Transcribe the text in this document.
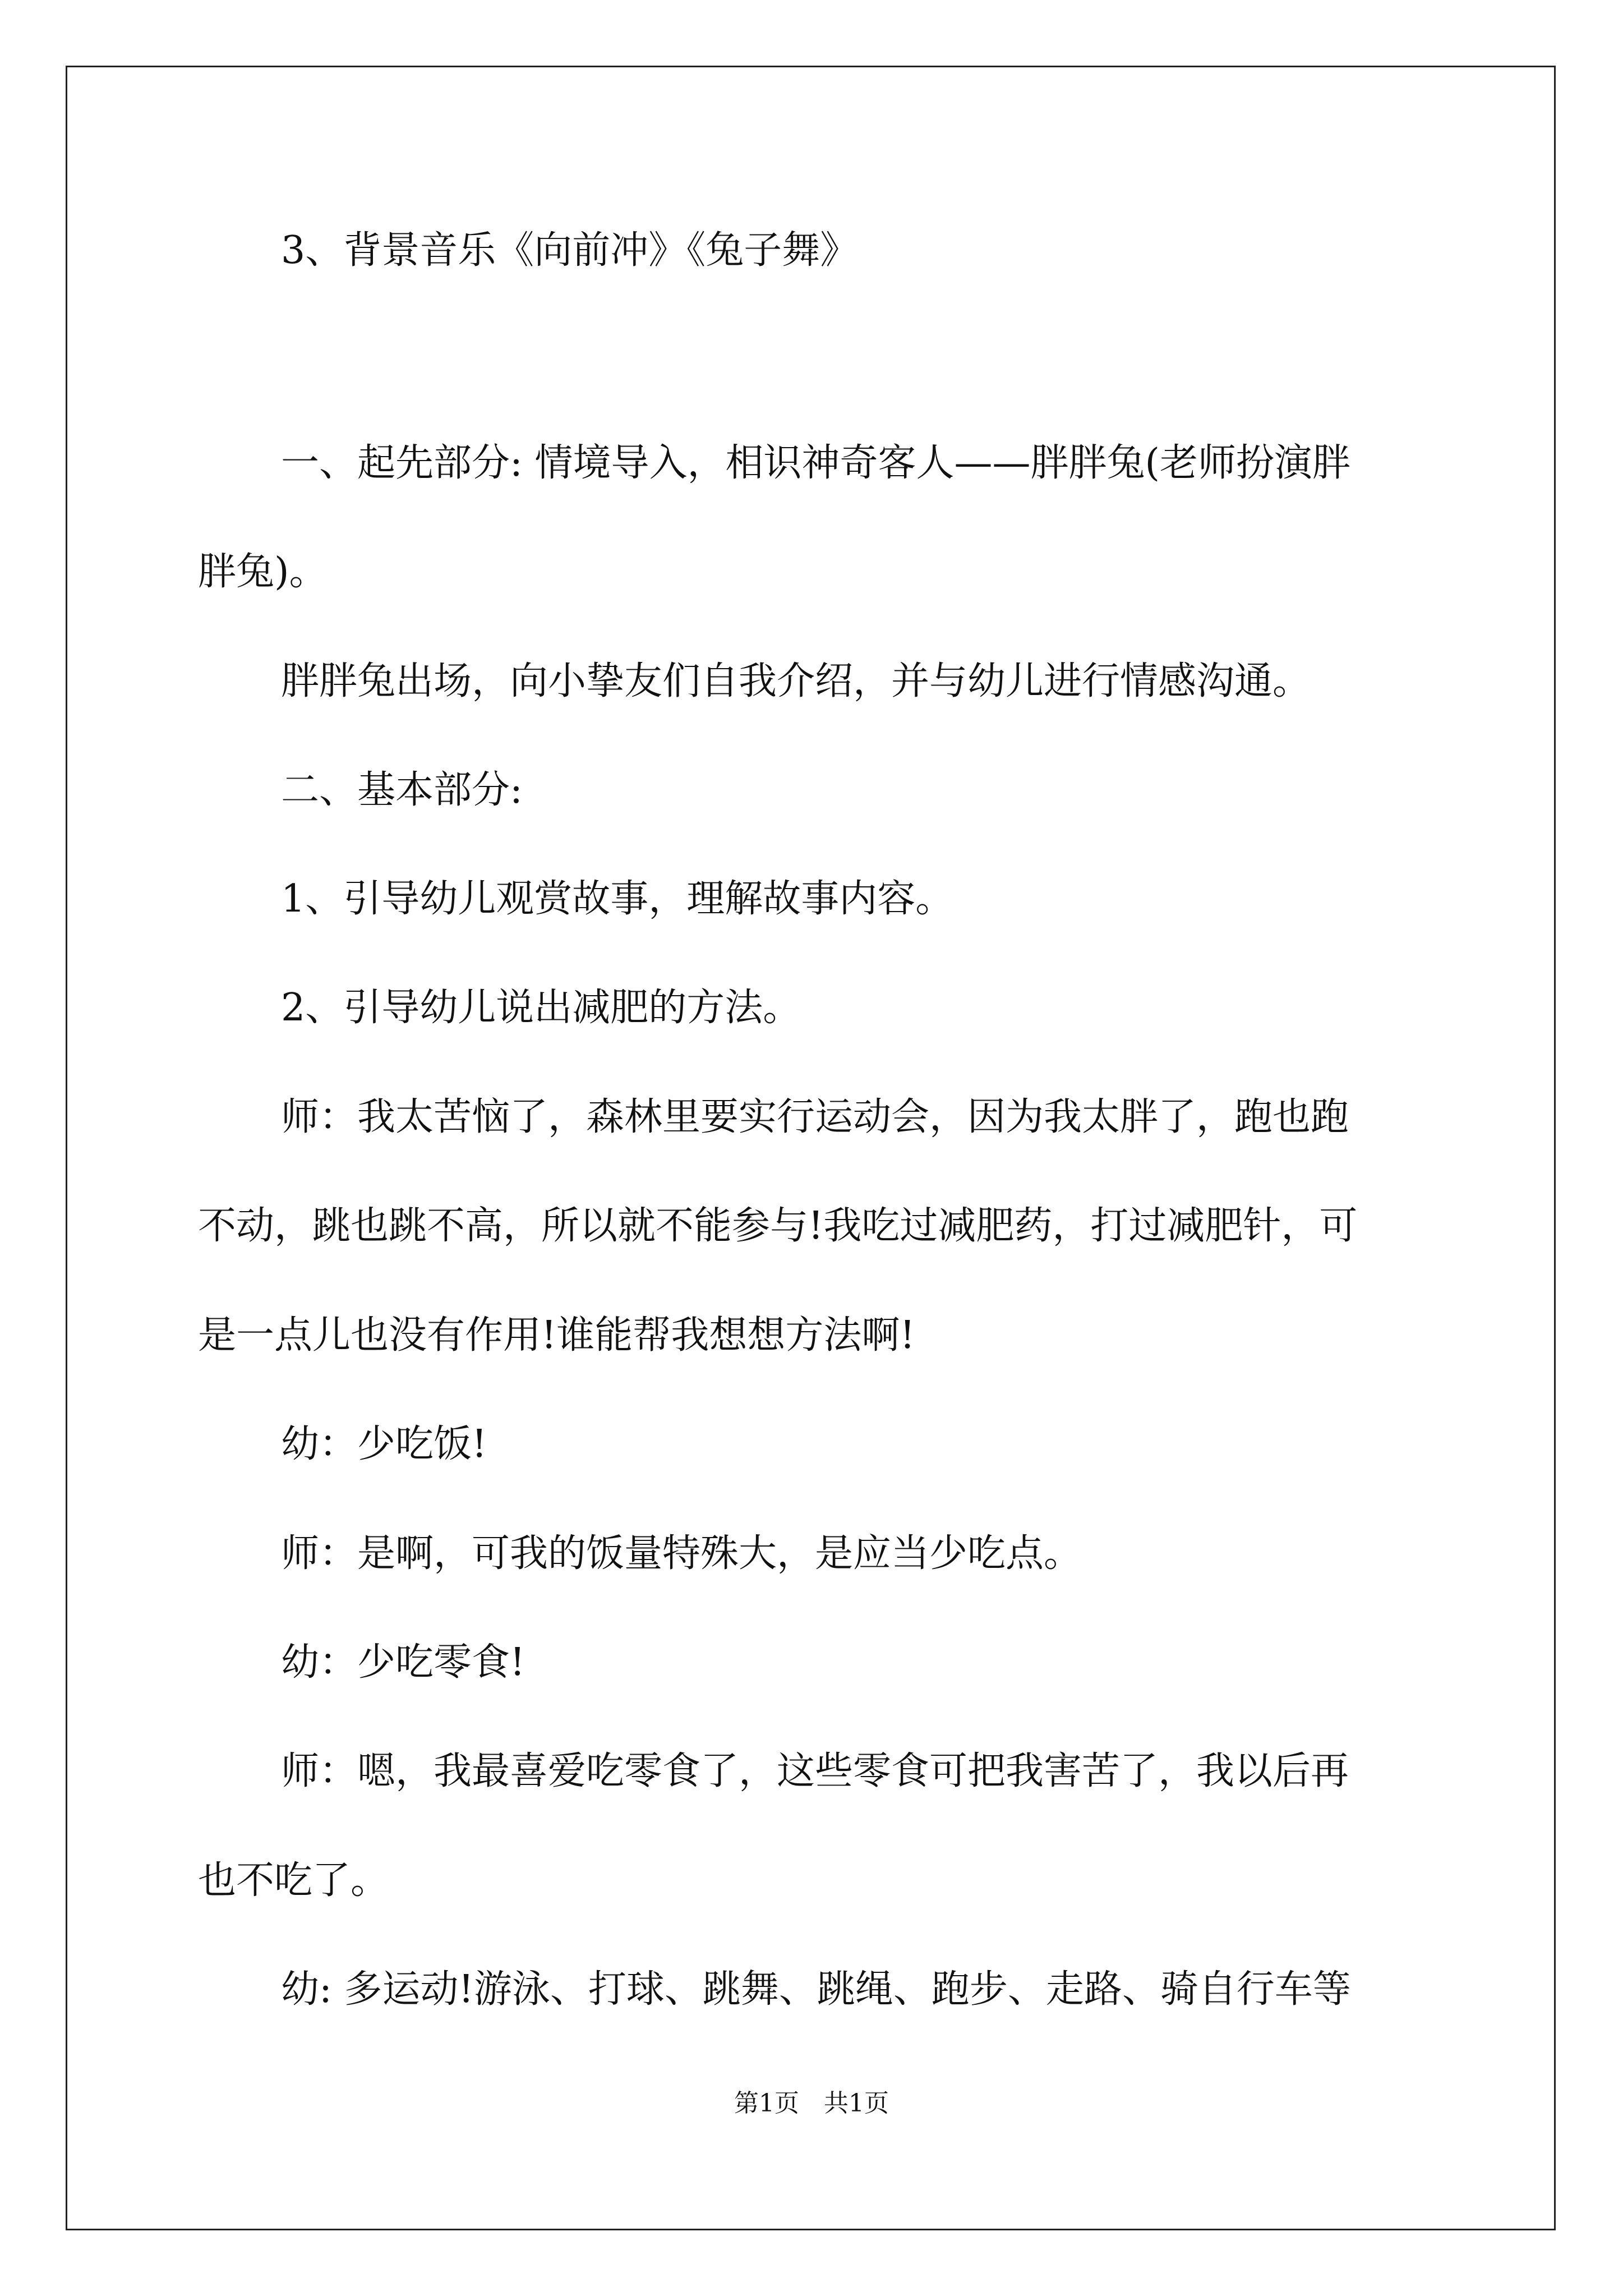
3、背景音乐《向前冲》《兔子舞》
一、起先部分: 情境导入，相识神奇客人——胖胖兔(老师扮演胖
胖兔)。
胖胖兔出场，向小挚友们自我介绍，并与幼儿进行情感沟通。
二、基本部分:
1、引导幼儿观赏故事，理解故事内容。
2、引导幼儿说出减肥的方法。
师：我太苦恼了，森林里要实行运动会，因为我太胖了，跑也跑
不动，跳也跳不高，所以就不能参与!我吃过减肥药，打过减肥针，可
是一点儿也没有作用!谁能帮我想想方法啊!
幼：少吃饭!
师：是啊，可我的饭量特殊大，是应当少吃点。
幼：少吃零食!
师：嗯，我最喜爱吃零食了，这些零食可把我害苦了，我以后再
也不吃了。
幼: 多运动!游泳、打球、跳舞、跳绳、跑步、走路、骑自行车等
第1页　共1页
